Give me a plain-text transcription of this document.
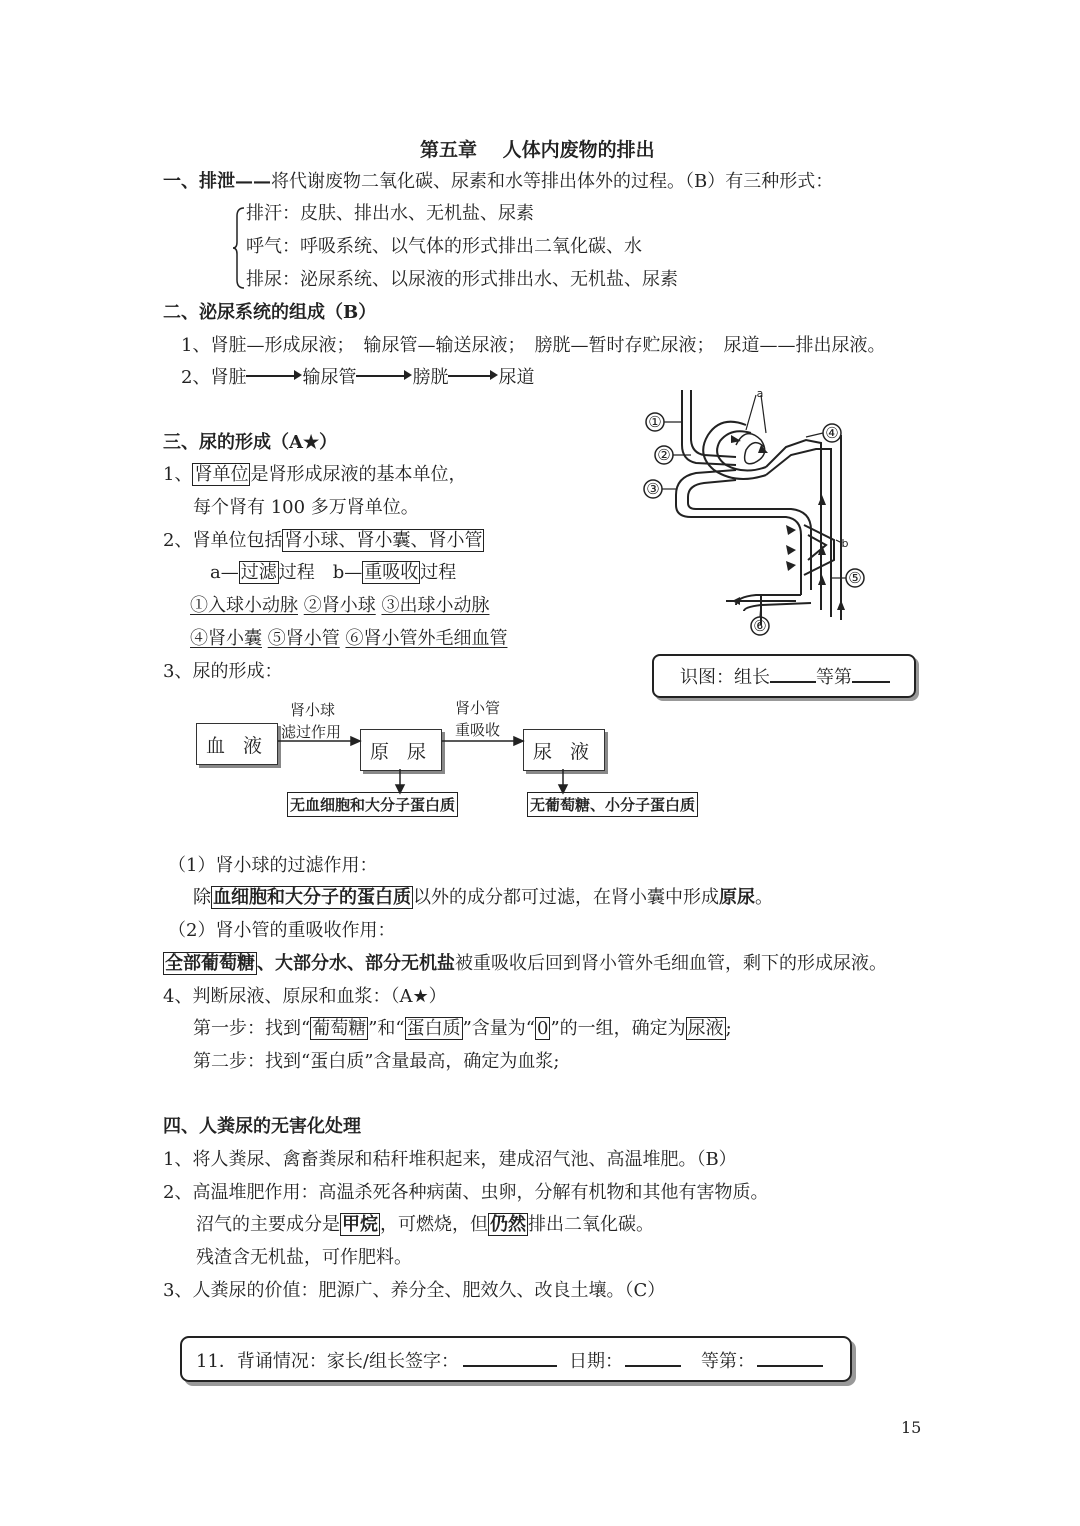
第五章　 人体内废物的排出
一、排泄——将代谢废物二氧化碳、尿素和水等排出体外的过程。（B）有三种形式：
排汗：皮肤、排出水、无机盐、尿素
呼气：呼吸系统、以气体的形式排出二氧化碳、水
排尿：泌尿系统、以尿液的形式排出水、无机盐、尿素
二、泌尿系统的组成（B）
1、肾脏—形成尿液；　输尿管—输送尿液；　膀胱—暂时存贮尿液；　尿道——排出尿液。
2、肾脏	输尿管	膀胱	尿道
三、尿的形成（A★）
1、 肾单位 是肾形成尿液的基本单位，
每个肾有 100 多万肾单位。
2、肾单位包括 肾小球、肾小囊、肾小管
a— 过滤 过程　b— 重吸收 过程
①入球小动脉 ②肾小球 ③出球小动脉
④肾小囊 ⑤肾小管 ⑥肾小管外毛细血管
3、尿的形成：
①
②
③
④
⑤
⑥
a
b
识图：组长	等第
血 液	原 尿	尿 液
肾小球
滤过作用
肾小管
重吸收
无血细胞和大分子蛋白质	无葡萄糖、小分子蛋白质
（1）肾小球的过滤作用：
除 血细胞和大分子的蛋白质 以外的成分都可过滤，在肾小囊中形成原尿。
（2）肾小管的重吸收作用：
全部葡萄糖 、大部分水、部分无机盐被重吸收后回到肾小管外毛细血管，剩下的形成尿液。
4、判断尿液、原尿和血浆：（A★）
第一步：找到“ 葡萄糖 ”和“ 蛋白质 ”含量为“ 0 ”的一组，确定为 尿液 ;
第二步：找到“蛋白质”含量最高，确定为血浆;
四、人粪尿的无害化处理
1、将人粪尿、禽畜粪尿和秸秆堆积起来，建成沼气池、高温堆肥。（B）
2、高温堆肥作用：高温杀死各种病菌、虫卵，分解有机物和其他有害物质。
沼气的主要成分是 甲烷 ，可燃烧，但 仍然 排出二氧化碳。
残渣含无机盐，可作肥料。
3、人粪尿的价值：肥源广、养分全、肥效久、改良土壤。（C）
11．背诵情况：家长/组长签字：	日期：	等第：
15
